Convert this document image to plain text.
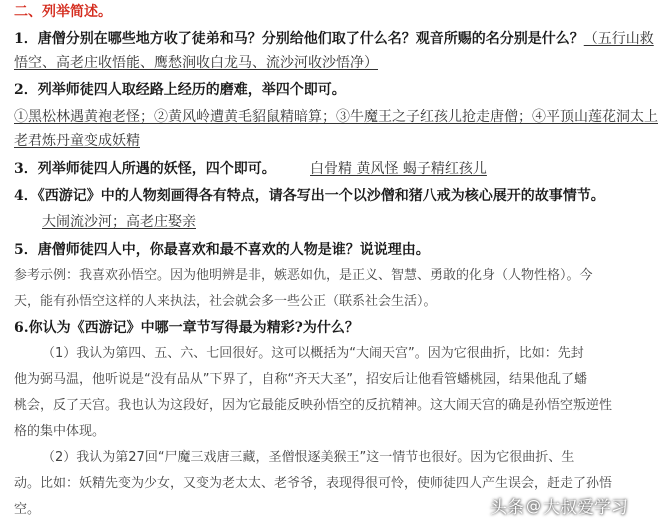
二、列举简述。
1．唐僧分别在哪些地方收了徒弟和马？分别给他们取了什么名？观音所赐的名分别是什么？（五行山救
悟空、高老庄收悟能、鹰愁涧收白龙马、流沙河收沙悟净）
2．列举师徒四人取经路上经历的磨难，举四个即可。
①黑松林遇黄袍老怪；②黄风岭遭黄毛貂鼠精暗算；③牛魔王之子红孩儿抢走唐僧；④平顶山莲花洞太上
老君炼丹童变成妖精
3．列举师徒四人所遇的妖怪，四个即可。	白骨精 黄风怪 蝎子精红孩儿
4．《西游记》中的人物刻画得各有特点，请各写出一个以沙僧和猪八戒为核心展开的故事情节。
大闹流沙河；高老庄娶亲
5．唐僧师徒四人中，你最喜欢和最不喜欢的人物是谁？说说理由。
参考示例：我喜欢孙悟空。因为他明辨是非，嫉恶如仇，是正义、智慧、勇敢的化身（人物性格）。今
天，能有孙悟空这样的人来执法，社会就会多一些公正（联系社会生活）。
6.你认为《西游记》中哪一章节写得最为精彩?为什么？
（1）我认为第四、五、六、七回很好。这可以概括为“大闹天宫”。因为它很曲折，比如：先封
他为弼马温，他听说是“没有品从”下界了，自称“齐天大圣”，招安后让他看管蟠桃园，结果他乱了蟠
桃会，反了天宫。我也认为这段好，因为它最能反映孙悟空的反抗精神。这大闹天宫的确是孙悟空叛逆性
格的集中体现。
（2）我认为第27回“尸魔三戏唐三藏，圣僧恨逐美猴王”这一情节也很好。因为它很曲折、生
动。比如：妖精先变为少女，又变为老太太、老爷爷，表现得很可怜，使师徒四人产生误会，赶走了孙悟
空。	头条 @ 大叔爱学习
